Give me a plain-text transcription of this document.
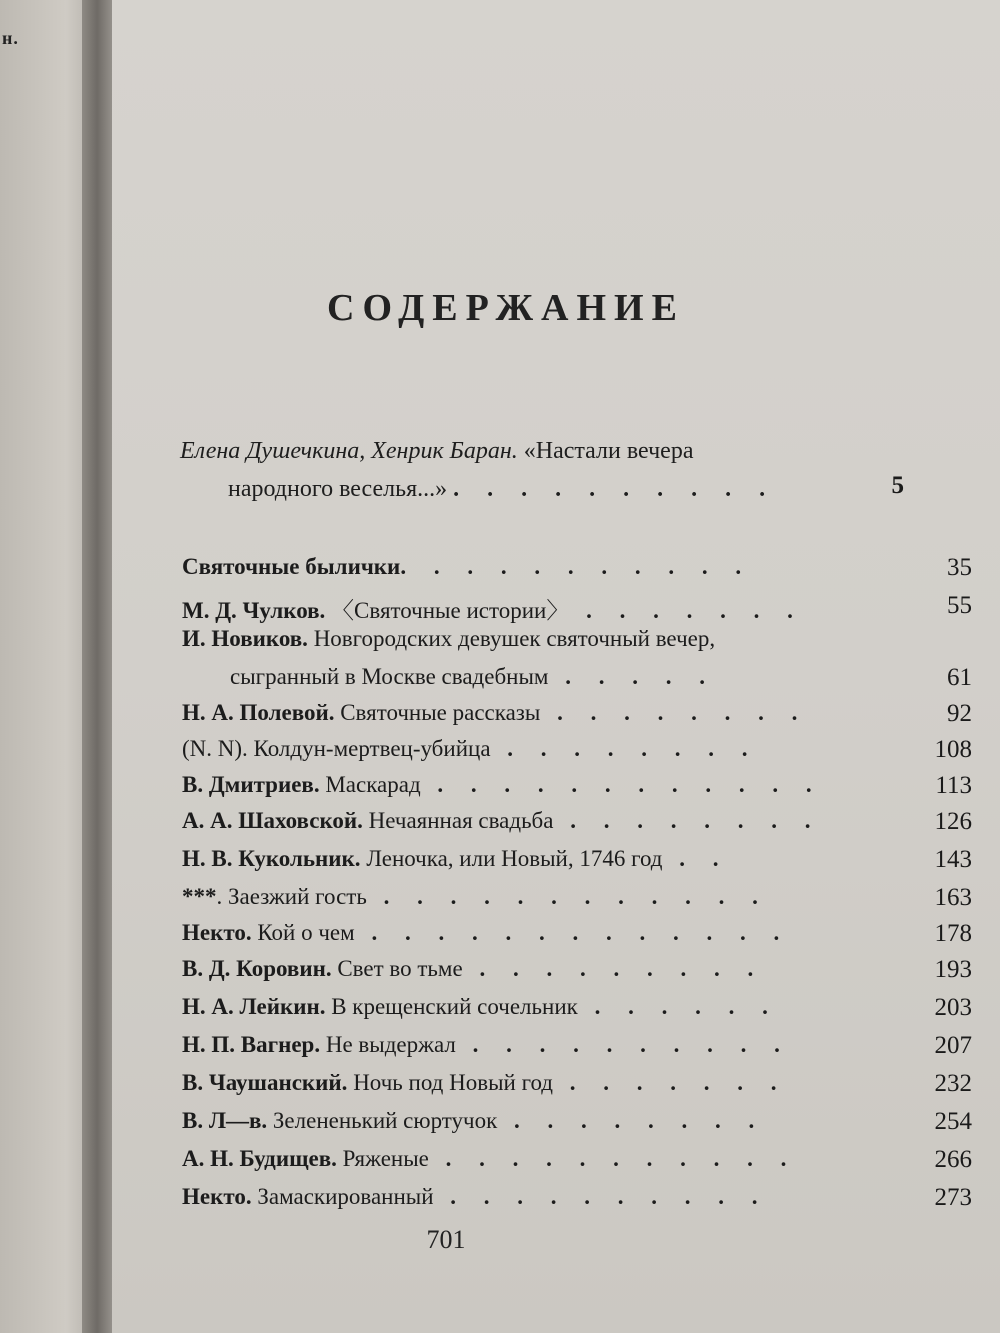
н.
СОДЕРЖАНИЕ
Елена Душечкина, Хенрик Баран. «Настали вечера
народного веселья...» . . . . . . . . . .	5
Святочные былички. . . . . . . . . . .	35
М. Д. Чулков. 〈Святочные истории〉 . . . . . . .	55
И. Новиков. Новгородских девушек святочный вечер,
сыгранный в Москве свадебным . . . . .	61
Н. А. Полевой. Святочные рассказы . . . . . . . .	92
(N. N). Колдун-мертвец-убийца . . . . . . . .	108
В. Дмитриев. Маскарад . . . . . . . . . . . .	113
А. А. Шаховской. Нечаянная свадьба . . . . . . . .	126
Н. В. Кукольник. Леночка, или Новый, 1746 год . .	143
***. Заезжий гость . . . . . . . . . . . .	163
Некто. Кой о чем . . . . . . . . . . . . .	178
В. Д. Коровин. Свет во тьме . . . . . . . . .	193
Н. А. Лейкин. В крещенский сочельник . . . . . .	203
Н. П. Вагнер. Не выдержал . . . . . . . . . .	207
В. Чаушанский. Ночь под Новый год . . . . . . .	232
В. Л—в. Зелененький сюртучок . . . . . . . .	254
А. Н. Будищев. Ряженые . . . . . . . . . . .	266
Некто. Замаскированный . . . . . . . . . .	273
701
